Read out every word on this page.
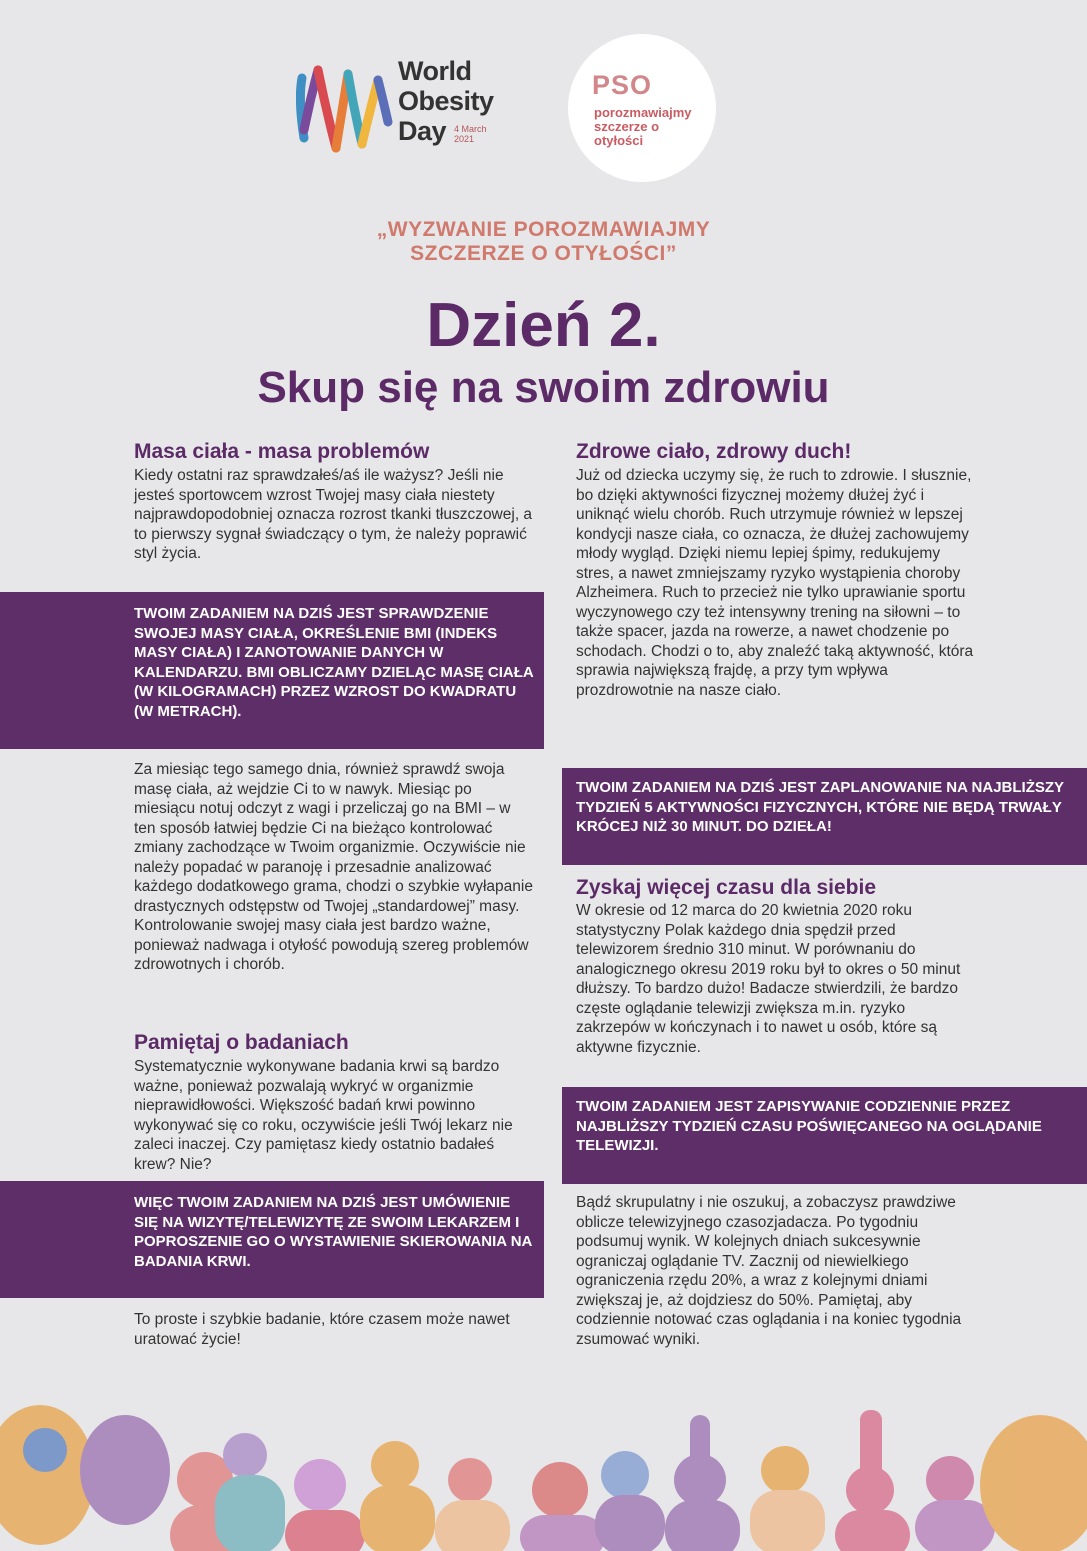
World
Obesity
Day 4 March
2021
PSO
porozmawiajmy szczerze o otyłości
„WYZWANIE POROZMAWIAJMY SZCZERZE O OTYŁOŚCI”
Dzień 2.
Skup się na swoim zdrowiu
Masa ciała - masa problemów

Kiedy ostatni raz sprawdzałeś/aś ile ważysz? Jeśli nie jesteś sportowcem wzrost Twojej masy ciała niestety najprawdopodobniej oznacza rozrost tkanki tłuszczowej, a to pierwszy sygnał świadczący o tym, że należy poprawić styl życia.

TWOIM ZADANIEM NA DZIŚ JEST SPRAWDZENIE SWOJEJ MASY CIAŁA, OKREŚLENIE BMI (INDEKS MASY CIAŁA) I ZANOTOWANIE DANYCH W KALENDARZU. BMI OBLICZAMY DZIELĄC MASĘ CIAŁA (W KILOGRAMACH) PRZEZ WZROST DO KWADRATU (W METRACH).

Za miesiąc tego samego dnia, również sprawdź swoja masę ciała, aż wejdzie Ci to w nawyk. Miesiąc po miesiącu notuj odczyt z wagi i przeliczaj go na BMI – w ten sposób łatwiej będzie Ci na bieżąco kontrolować zmiany zachodzące w Twoim organizmie. Oczywiście nie należy popadać w paranoję i przesadnie analizować każdego dodatkowego grama, chodzi o szybkie wyłapanie drastycznych odstępstw od Twojej „standardowej” masy. Kontrolowanie swojej masy ciała jest bardzo ważne, ponieważ nadwaga i otyłość powodują szereg problemów zdrowotnych i chorób.

Pamiętaj o badaniach

Systematycznie wykonywane badania krwi są bardzo ważne, ponieważ pozwalają wykryć w organizmie nieprawidłowości. Większość badań krwi powinno wykonywać się co roku, oczywiście jeśli Twój lekarz nie zaleci inaczej. Czy pamiętasz kiedy ostatnio badałeś krew? Nie?

WIĘC TWOIM ZADANIEM NA DZIŚ JEST UMÓWIENIE SIĘ NA WIZYTĘ/TELEWIZYTĘ ZE SWOIM LEKARZEM I POPROSZENIE GO O WYSTAWIENIE SKIEROWANIA NA BADANIA KRWI.

To proste i szybkie badanie, które czasem może nawet uratować życie!

Zdrowe ciało, zdrowy duch!

Już od dziecka uczymy się, że ruch to zdrowie. I słusznie, bo dzięki aktywności fizycznej możemy dłużej żyć i uniknąć wielu chorób. Ruch utrzymuje również w lepszej kondycji nasze ciała, co oznacza, że dłużej zachowujemy młody wygląd. Dzięki niemu lepiej śpimy, redukujemy stres, a nawet zmniejszamy ryzyko wystąpienia choroby Alzheimera. Ruch to przecież nie tylko uprawianie sportu wyczynowego czy też intensywny trening na siłowni – to także spacer, jazda na rowerze, a nawet chodzenie po schodach. Chodzi o to, aby znaleźć taką aktywność, która sprawia największą frajdę, a przy tym wpływa prozdrowotnie na nasze ciało.

TWOIM ZADANIEM NA DZIŚ JEST ZAPLANOWANIE NA NAJBLIŻSZY TYDZIEŃ 5 AKTYWNOŚCI FIZYCZNYCH, KTÓRE NIE BĘDĄ TRWAŁY KRÓCEJ NIŻ 30 MINUT. DO DZIEŁA!

Zyskaj więcej czasu dla siebie

W okresie od 12 marca do 20 kwietnia 2020 roku statystyczny Polak każdego dnia spędził przed telewizorem średnio 310 minut. W porównaniu do analogicznego okresu 2019 roku był to okres o 50 minut dłuższy. To bardzo dużo! Badacze stwierdzili, że bardzo częste oglądanie telewizji zwiększa m.in. ryzyko zakrzepów w kończynach i to nawet u osób, które są aktywne fizycznie.

TWOIM ZADANIEM JEST ZAPISYWANIE CODZIENNIE PRZEZ NAJBLIŻSZY TYDZIEŃ CZASU POŚWIĘCANEGO NA OGLĄDANIE TELEWIZJI.

Bądź skrupulatny i nie oszukuj, a zobaczysz prawdziwe oblicze telewizyjnego czasozjadacza. Po tygodniu podsumuj wynik. W kolejnych dniach sukcesywnie ograniczaj oglądanie TV. Zacznij od niewielkiego ograniczenia rzędu 20%, a wraz z kolejnymi dniami zwiększaj je, aż dojdziesz do 50%. Pamiętaj, aby codziennie notować czas oglądania i na koniec tygodnia zsumować wyniki.
